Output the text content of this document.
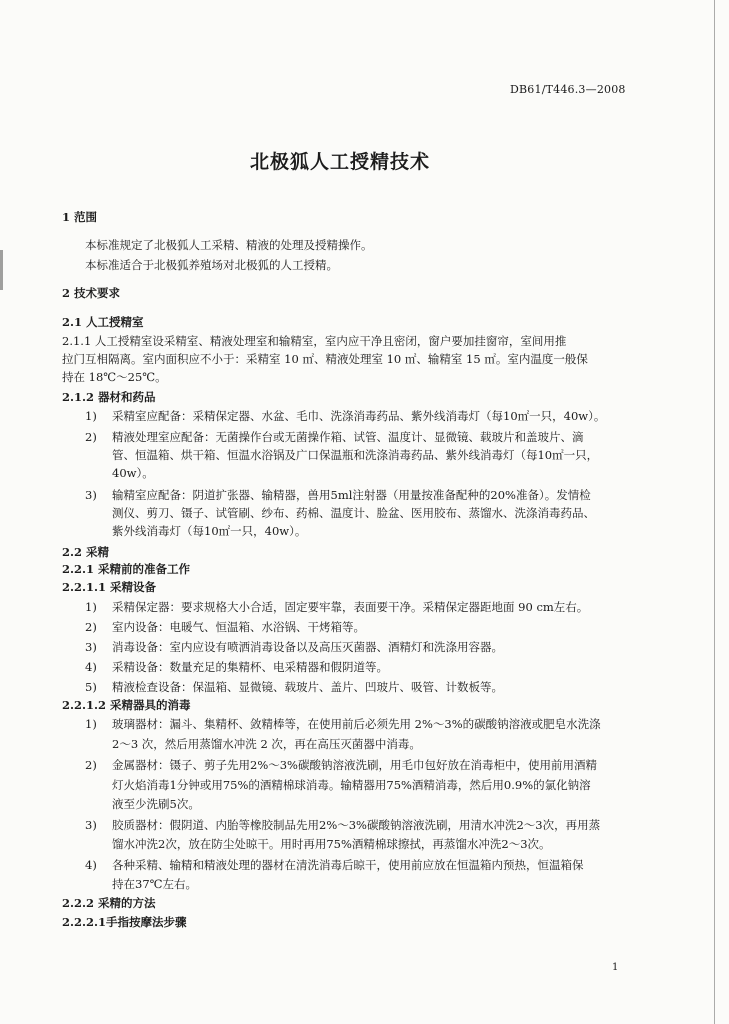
DB61/T446.3—2008
北极狐人工授精技术
1 范围
本标准规定了北极狐人工采精、精液的处理及授精操作。
本标准适合于北极狐养殖场对北极狐的人工授精。
2 技术要求
2.1 人工授精室
2.1.1 人工授精室设采精室、精液处理室和输精室，室内应干净且密闭，窗户要加挂窗帘，室间用推
拉门互相隔离。室内面积应不小于：采精室 10 ㎡、精液处理室 10 ㎡、输精室 15 ㎡。室内温度一般保
持在 18℃～25℃。
2.1.2 器材和药品
1) 采精室应配备：采精保定器、水盆、毛巾、洗涤消毒药品、紫外线消毒灯（每10㎡一只，40w）。
2) 精液处理室应配备：无菌操作台或无菌操作箱、试管、温度计、显微镜、载玻片和盖玻片、滴
管、恒温箱、烘干箱、恒温水浴锅及广口保温瓶和洗涤消毒药品、紫外线消毒灯（每10㎡一只，
40w）。
3) 输精室应配备：阴道扩张器、输精器，兽用5ml注射器（用量按准备配种的20%准备）。发情检
测仪、剪刀、镊子、试管刷、纱布、药棉、温度计、脸盆、医用胶布、蒸馏水、洗涤消毒药品、
紫外线消毒灯（每10㎡一只，40w）。
2.2 采精
2.2.1 采精前的准备工作
2.2.1.1 采精设备
1) 采精保定器：要求规格大小合适，固定要牢靠，表面要干净。采精保定器距地面 90 cm左右。
2) 室内设备：电暖气、恒温箱、水浴锅、干烤箱等。
3) 消毒设备：室内应设有喷洒消毒设备以及高压灭菌器、酒精灯和洗涤用容器。
4) 采精设备：数量充足的集精杯、电采精器和假阴道等。
5) 精液检查设备：保温箱、显微镜、载玻片、盖片、凹玻片、吸管、计数板等。
2.2.1.2 采精器具的消毒
1) 玻璃器材：漏斗、集精杯、敛精棒等，在使用前后必须先用 2%～3%的碳酸钠溶液或肥皂水洗涤
2～3 次，然后用蒸馏水冲洗 2 次，再在高压灭菌器中消毒。
2) 金属器材：镊子、剪子先用2%～3%碳酸钠溶液洗刷，用毛巾包好放在消毒柜中，使用前用酒精
灯火焰消毒1分钟或用75%的酒精棉球消毒。输精器用75%酒精消毒，然后用0.9%的氯化钠溶
液至少洗刷5次。
3) 胶质器材：假阴道、内胎等橡胶制品先用2%～3%碳酸钠溶液洗刷，用清水冲洗2～3次，再用蒸
馏水冲洗2次，放在防尘处晾干。用时再用75%酒精棉球擦拭，再蒸馏水冲洗2～3次。
4) 各种采精、输精和精液处理的器材在清洗消毒后晾干，使用前应放在恒温箱内预热，恒温箱保
持在37℃左右。
2.2.2 采精的方法
2.2.2.1手指按摩法步骤
1
